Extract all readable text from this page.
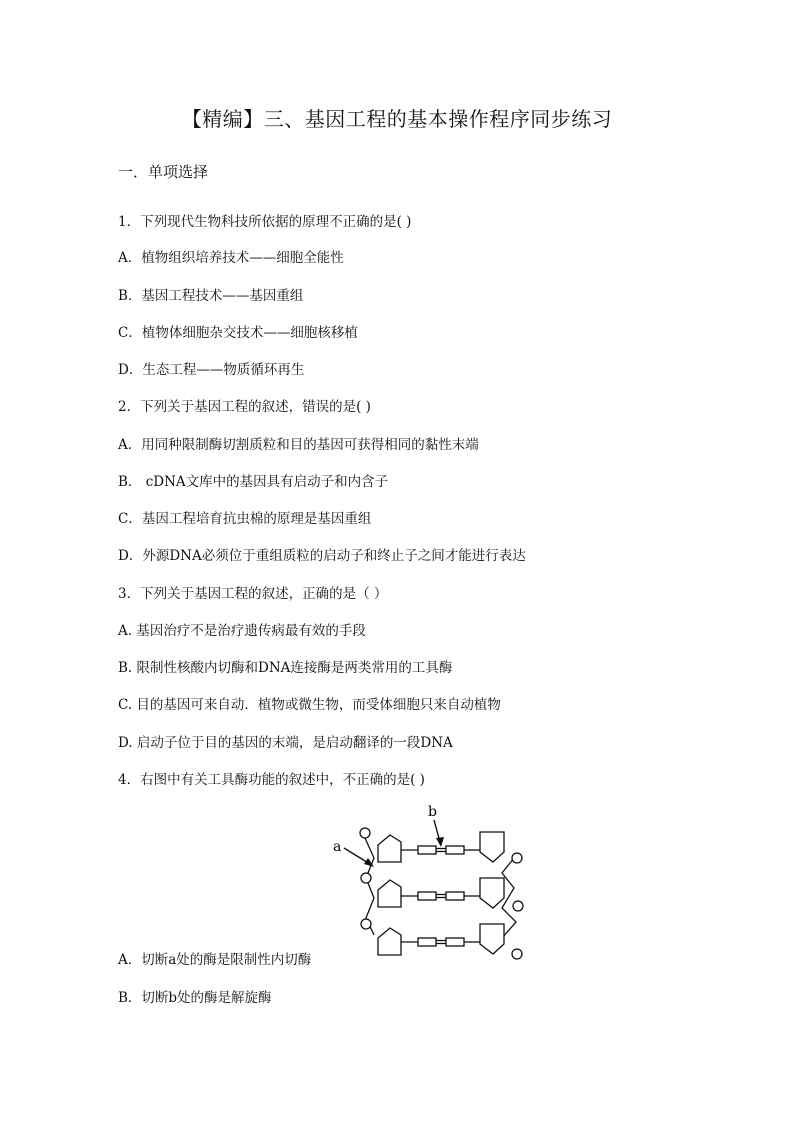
【精编】三、基因工程的基本操作程序同步练习
一．单项选择
1．下列现代生物科技所依据的原理不正确的是( )
A．植物组织培养技术——细胞全能性
B．基因工程技术——基因重组
C．植物体细胞杂交技术——细胞核移植
D．生态工程——物质循环再生
2．下列关于基因工程的叙述，错误的是( )
A．用同种限制酶切割质粒和目的基因可获得相同的黏性末端
B． cDNA文库中的基因具有启动子和内含子
C．基因工程培育抗虫棉的原理是基因重组
D．外源DNA必须位于重组质粒的启动子和终止子之间才能进行表达
3．下列关于基因工程的叙述，正确的是（ ）
A. 基因治疗不是治疗遗传病最有效的手段
B. 限制性核酸内切酶和DNA连接酶是两类常用的工具酶
C. 目的基因可来自动．植物或微生物，而受体细胞只来自动植物
D. 启动子位于目的基因的末端，是启动翻译的一段DNA
4．右图中有关工具酶功能的叙述中，不正确的是( )
A．切断a处的酶是限制性内切酶
B．切断b处的酶是解旋酶
a
b
